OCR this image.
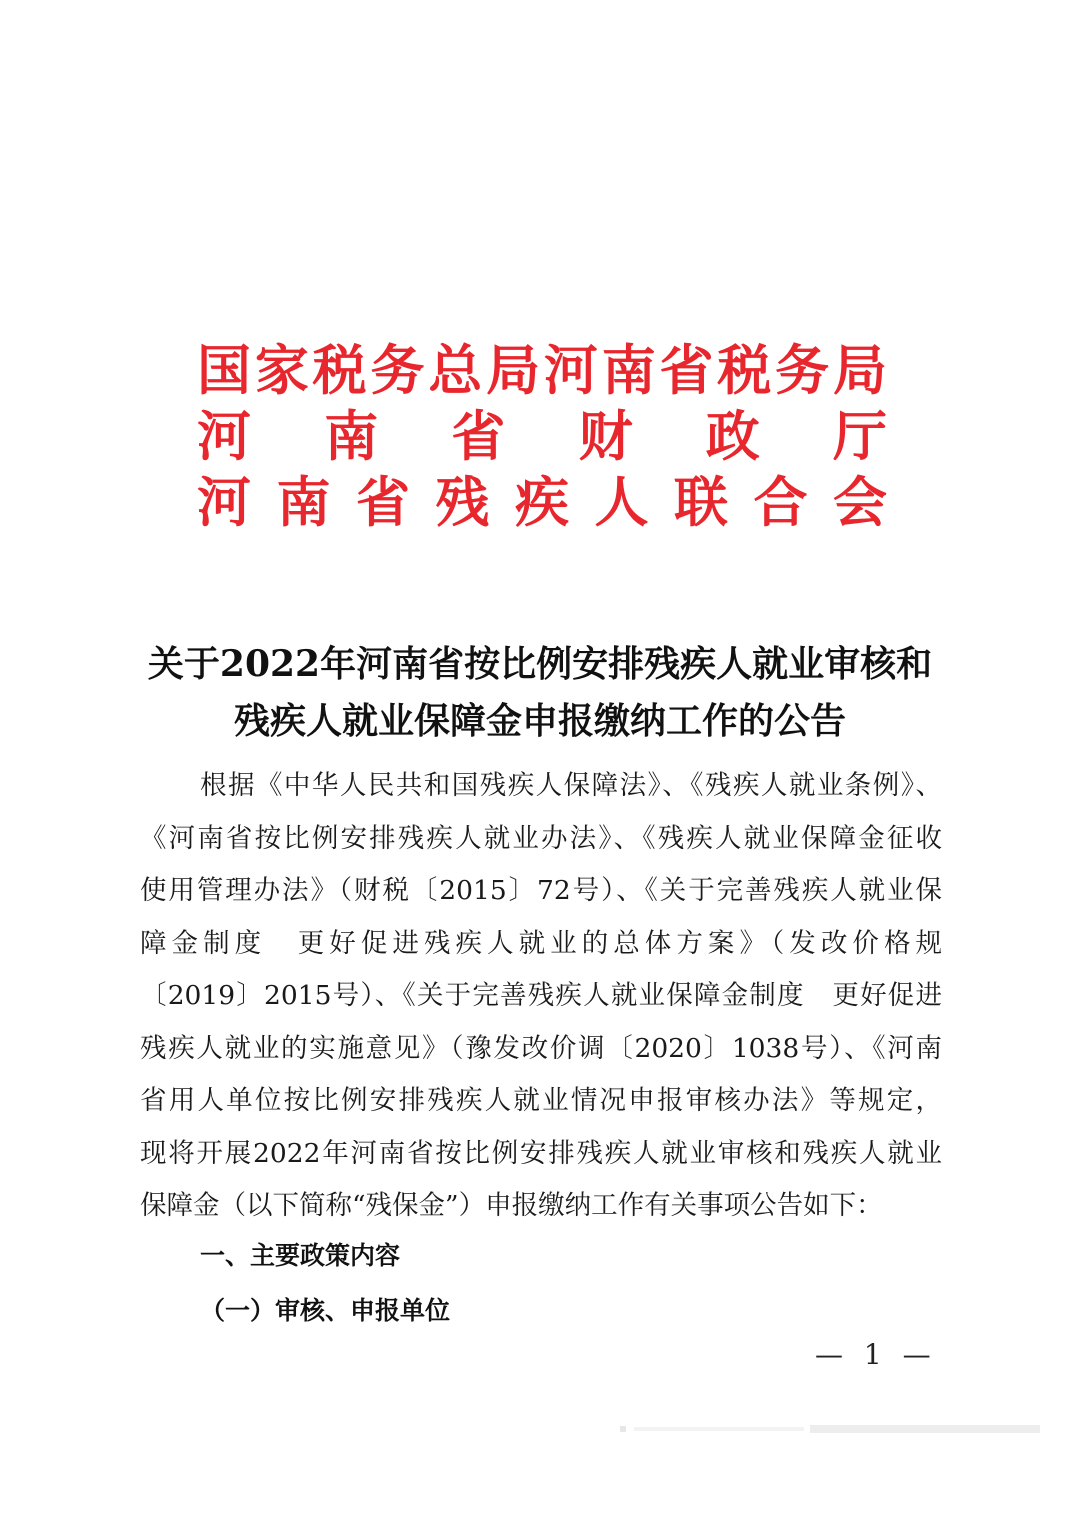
国 家 税 务 总 局 河 南 省 税 务 局
河 南 省 财 政 厅
河 南 省 残 疾 人 联 合 会
关于2022年河南省按比例安排残疾人就业审核和
残疾人就业保障金申报缴纳工作的公告
根据《中华人民共和国残疾人保障法》、《残疾人就业条例》、
《河南省按比例安排残疾人就业办法》、《残疾人就业保障金征收
使用管理办法》（财税〔2015〕72号）、《关于完善残疾人就业保
障金制度　更好促进残疾人就业的总体方案》（发改价格规
〔2019〕2015号）、《关于完善残疾人就业保障金制度　更好促进
残疾人就业的实施意见》（豫发改价调〔2020〕1038号）、《河南
省用人单位按比例安排残疾人就业情况申报审核办法》等规定，
现将开展2022年河南省按比例安排残疾人就业审核和残疾人就业
保障金（以下简称“残保金”）申报缴纳工作有关事项公告如下：
一、主要政策内容
（一）审核、申报单位
— 1 —
